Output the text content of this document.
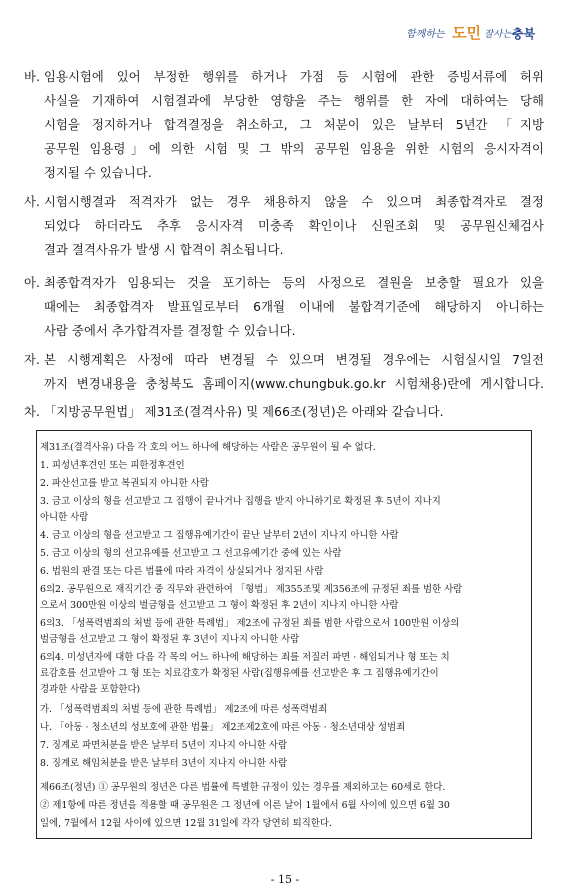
함께하는 도민 잘사는 충북
바. 임용시험에 있어 부정한 행위를 하거나 가점 등 시험에 관한 증빙서류에 허위
사실을 기재하여 시험결과에 부당한 영향을 주는 행위를 한 자에 대하여는 당해
시험을 정지하거나 합격결정을 취소하고, 그 처분이 있은 날부터 5년간 「지방
공무원 임용령」에 의한 시험 및 그 밖의 공무원 임용을 위한 시험의 응시자격이
정지될 수 있습니다.
사. 시험시행결과 적격자가 없는 경우 채용하지 않을 수 있으며 최종합격자로 결정
되었다 하더라도 추후 응시자격 미충족 확인이나 신원조회 및 공무원신체검사
결과 결격사유가 발생 시 합격이 취소됩니다.
아. 최종합격자가 임용되는 것을 포기하는 등의 사정으로 결원을 보충할 필요가 있을
때에는 최종합격자 발표일로부터 6개월 이내에 불합격기준에 해당하지 아니하는
사람 중에서 추가합격자를 결정할 수 있습니다.
자. 본 시행계획은 사정에 따라 변경될 수 있으며 변경될 경우에는 시험실시일 7일전
까지 변경내용을 충청북도 홈페이지(www.chungbuk.go.kr 시험채용)란에 게시합니다.
차. 「지방공무원법」 제31조(결격사유) 및 제66조(정년)은 아래와 같습니다.
제31조(결격사유) 다음 각 호의 어느 하나에 해당하는 사람은 공무원이 될 수 없다.
1. 피성년후견인 또는 피한정후견인
2. 파산선고를 받고 복권되지 아니한 사람
3. 금고 이상의 형을 선고받고 그 집행이 끝나거나 집행을 받지 아니하기로 확정된 후 5년이 지나지
아니한 사람
4. 금고 이상의 형을 선고받고 그 집행유예기간이 끝난 날부터 2년이 지나지 아니한 사람
5. 금고 이상의 형의 선고유예를 선고받고 그 선고유예기간 중에 있는 사람
6. 법원의 판결 또는 다른 법률에 따라 자격이 상실되거나 정지된 사람
6의2. 공무원으로 재직기간 중 직무와 관련하여 「형법」 제355조및 제356조에 규정된 죄를 범한 사람
으로서 300만원 이상의 벌금형을 선고받고 그 형이 확정된 후 2년이 지나지 아니한 사람
6의3. 「성폭력범죄의 처벌 등에 관한 특례법」 제2조에 규정된 죄를 범한 사람으로서 100만원 이상의
벌금형을 선고받고 그 형이 확정된 후 3년이 지나지 아니한 사람
6의4. 미성년자에 대한 다음 각 목의 어느 하나에 해당하는 죄를 저질러 파면 · 해임되거나 형 또는 치
료감호를 선고받아 그 형 또는 치료감호가 확정된 사람(집행유예를 선고받은 후 그 집행유예기간이
경과한 사람을 포함한다)
가. 「성폭력범죄의 처벌 등에 관한 특례법」 제2조에 따른 성폭력범죄
나. 「아동 · 청소년의 성보호에 관한 법률」 제2조제2호에 따른 아동 · 청소년대상 성범죄
7. 징계로 파면처분을 받은 날부터 5년이 지나지 아니한 사람
8. 징계로 해임처분을 받은 날부터 3년이 지나지 아니한 사람
제66조(정년) ① 공무원의 정년은 다른 법률에 특별한 규정이 있는 경우를 제외하고는 60세로 한다.
② 제1항에 따른 정년을 적용할 때 공무원은 그 정년에 이른 날이 1월에서 6월 사이에 있으면 6월 30
일에, 7월에서 12월 사이에 있으면 12월 31일에 각각 당연히 퇴직한다.
- 15 -
